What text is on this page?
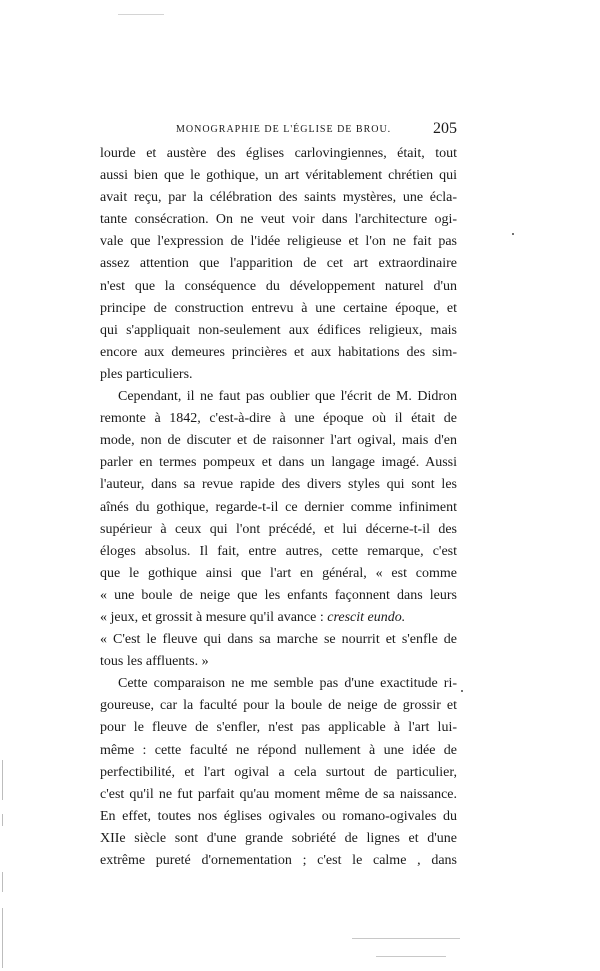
MONOGRAPHIE DE L'ÉGLISE DE BROU.	205
lourde et austère des églises carlovingiennes, était, tout
aussi bien que le gothique, un art véritablement chrétien qui
avait reçu, par la célébration des saints mystères, une écla-
tante consécration. On ne veut voir dans l'architecture ogi-
vale que l'expression de l'idée religieuse et l'on ne fait pas
assez attention que l'apparition de cet art extraordinaire
n'est que la conséquence du développement naturel d'un
principe de construction entrevu à une certaine époque, et
qui s'appliquait non-seulement aux édifices religieux, mais
encore aux demeures princières et aux habitations des sim-
ples particuliers.
Cependant, il ne faut pas oublier que l'écrit de M. Didron
remonte à 1842, c'est-à-dire à une époque où il était de
mode, non de discuter et de raisonner l'art ogival, mais d'en
parler en termes pompeux et dans un langage imagé. Aussi
l'auteur, dans sa revue rapide des divers styles qui sont les
aînés du gothique, regarde-t-il ce dernier comme infiniment
supérieur à ceux qui l'ont précédé, et lui décerne-t-il des
éloges absolus. Il fait, entre autres, cette remarque, c'est
que le gothique ainsi que l'art en général, « est comme
« une boule de neige que les enfants façonnent dans leurs
« jeux, et grossit à mesure qu'il avance : crescit eundo.
« C'est le fleuve qui dans sa marche se nourrit et s'enfle de
tous les affluents. »
Cette comparaison ne me semble pas d'une exactitude ri-
goureuse, car la faculté pour la boule de neige de grossir et
pour le fleuve de s'enfler, n'est pas applicable à l'art lui-
même : cette faculté ne répond nullement à une idée de
perfectibilité, et l'art ogival a cela surtout de particulier,
c'est qu'il ne fut parfait qu'au moment même de sa naissance.
En effet, toutes nos églises ogivales ou romano-ogivales du
XIIe siècle sont d'une grande sobriété de lignes et d'une
extrême pureté d'ornementation ; c'est le calme , dans
